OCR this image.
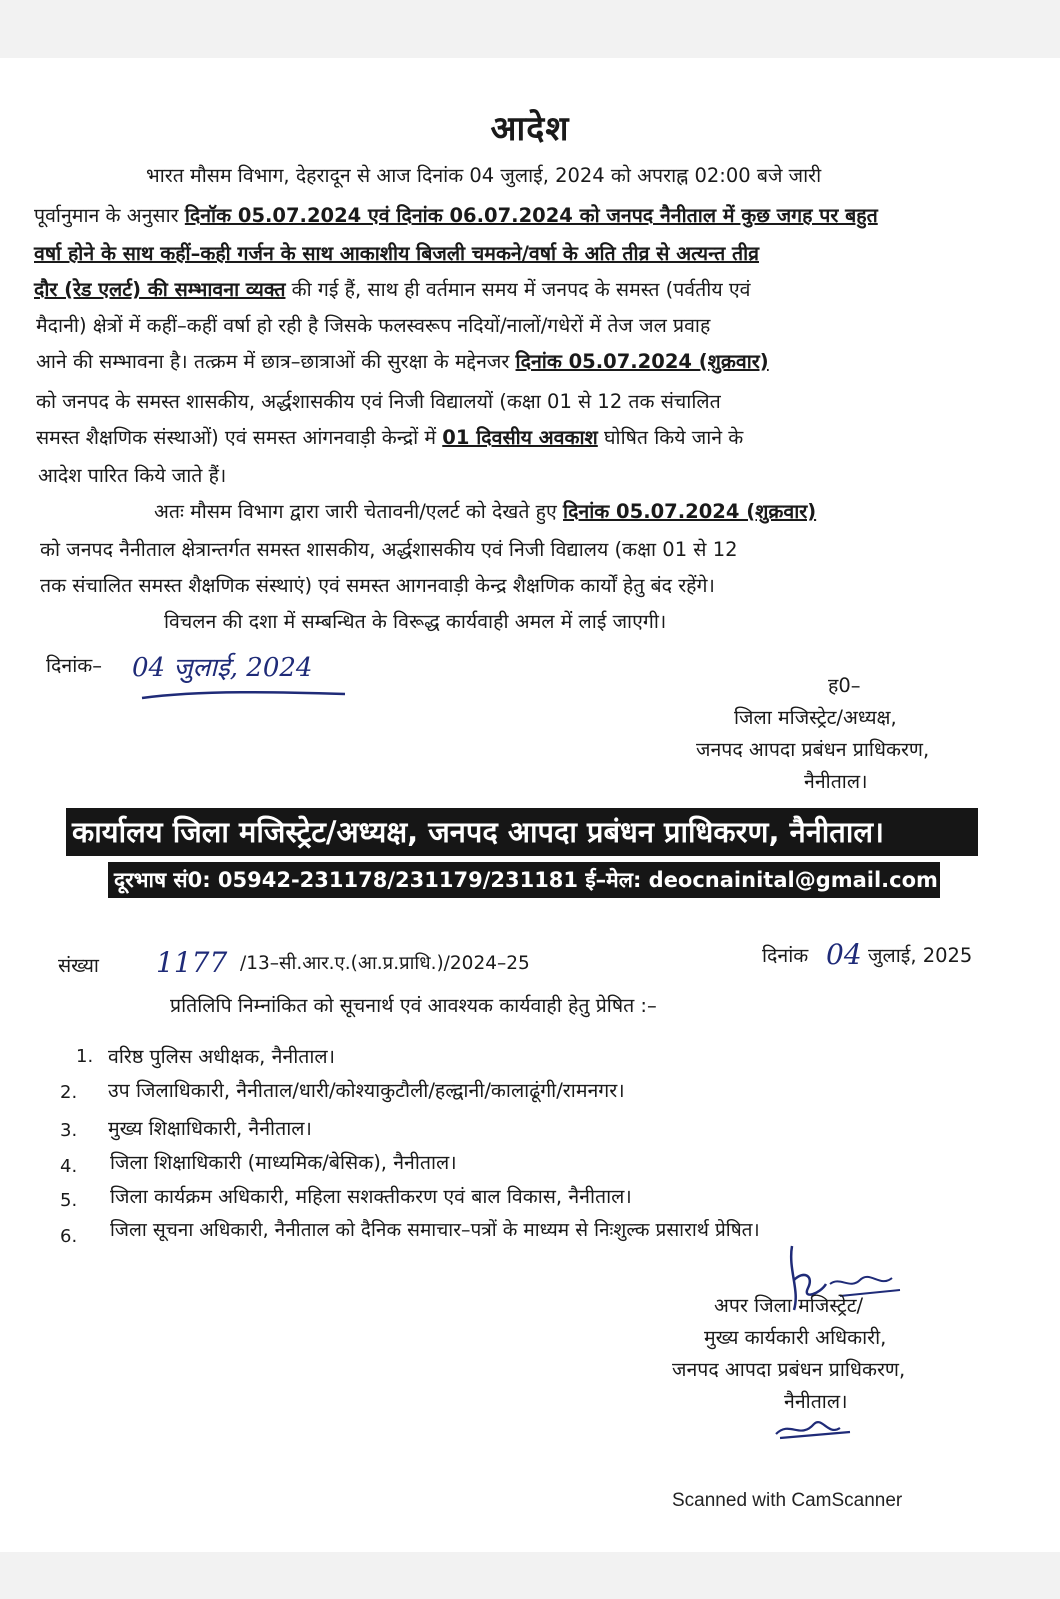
आदेश
भारत मौसम विभाग, देहरादून से आज दिनांक 04 जुलाई, 2024 को अपराह्न 02:00 बजे जारी
पूर्वानुमान के अनुसार दिनॉक 05.07.2024 एवं दिनांक 06.07.2024 को जनपद नैनीताल में कुछ जगह पर बहुत
वर्षा होने के साथ कहीं–कही गर्जन के साथ आकाशीय बिजली चमकने/वर्षा के अति तीव्र से अत्यन्त तीव्र
दौर (रेड एलर्ट) की सम्भावना व्यक्त की गई हैं, साथ ही वर्तमान समय में जनपद के समस्त (पर्वतीय एवं
मैदानी) क्षेत्रों में कहीं–कहीं वर्षा हो रही है जिसके फलस्वरूप नदियों/नालों/गधेरों में तेज जल प्रवाह
आने की सम्भावना है। तत्क्रम में छात्र–छात्राओं की सुरक्षा के मद्देनजर दिनांक 05.07.2024 (शुक्रवार)
को जनपद के समस्त शासकीय, अर्द्धशासकीय एवं निजी विद्यालयों (कक्षा 01 से 12 तक संचालित
समस्त शैक्षणिक संस्थाओं) एवं समस्त आंगनवाड़ी केन्द्रों में 01 दिवसीय अवकाश घोषित किये जाने के
आदेश पारित किये जाते हैं।
अतः मौसम विभाग द्वारा जारी चेतावनी/एलर्ट को देखते हुए दिनांक 05.07.2024 (शुक्रवार)
को जनपद नैनीताल क्षेत्रान्तर्गत समस्त शासकीय, अर्द्धशासकीय एवं निजी विद्यालय (कक्षा 01 से 12
तक संचालित समस्त शैक्षणिक संस्थाएं) एवं समस्त आगनवाड़ी केन्द्र शैक्षणिक कार्यों हेतु बंद रहेंगे।
विचलन की दशा में सम्बन्धित के विरूद्ध कार्यवाही अमल में लाई जाएगी।
दिनांक– 04 जुलाई, 2024
ह0–
जिला मजिस्ट्रेट/अध्यक्ष,
जनपद आपदा प्रबंधन प्राधिकरण,
नैनीताल।
कार्यालय जिला मजिस्ट्रेट/अध्यक्ष, जनपद आपदा प्रबंधन प्राधिकरण, नैनीताल।
दूरभाष सं0: 05942-231178/231179/231181 ई–मेल: deocnainital@gmail.com
संख्या 1177 /13–सी.आर.ए.(आ.प्र.प्राधि.)/2024–25	दिनांक 04 जुलाई, 2025
प्रतिलिपि निम्नांकित को सूचनार्थ एवं आवश्यक कार्यवाही हेतु प्रेषित :–
1. वरिष्ठ पुलिस अधीक्षक, नैनीताल।
2. उप जिलाधिकारी, नैनीताल/धारी/कोश्याकुटौली/हल्द्वानी/कालाढूंगी/रामनगर।
3. मुख्य शिक्षाधिकारी, नैनीताल।
4. जिला शिक्षाधिकारी (माध्यमिक/बेसिक), नैनीताल।
5. जिला कार्यक्रम अधिकारी, महिला सशक्तीकरण एवं बाल विकास, नैनीताल।
6. जिला सूचना अधिकारी, नैनीताल को दैनिक समाचार–पत्रों के माध्यम से निःशुल्क प्रसारार्थ प्रेषित।
अपर जिला मजिस्ट्रेट/
मुख्य कार्यकारी अधिकारी,
जनपद आपदा प्रबंधन प्राधिकरण,
नैनीताल।
Scanned with CamScanner
